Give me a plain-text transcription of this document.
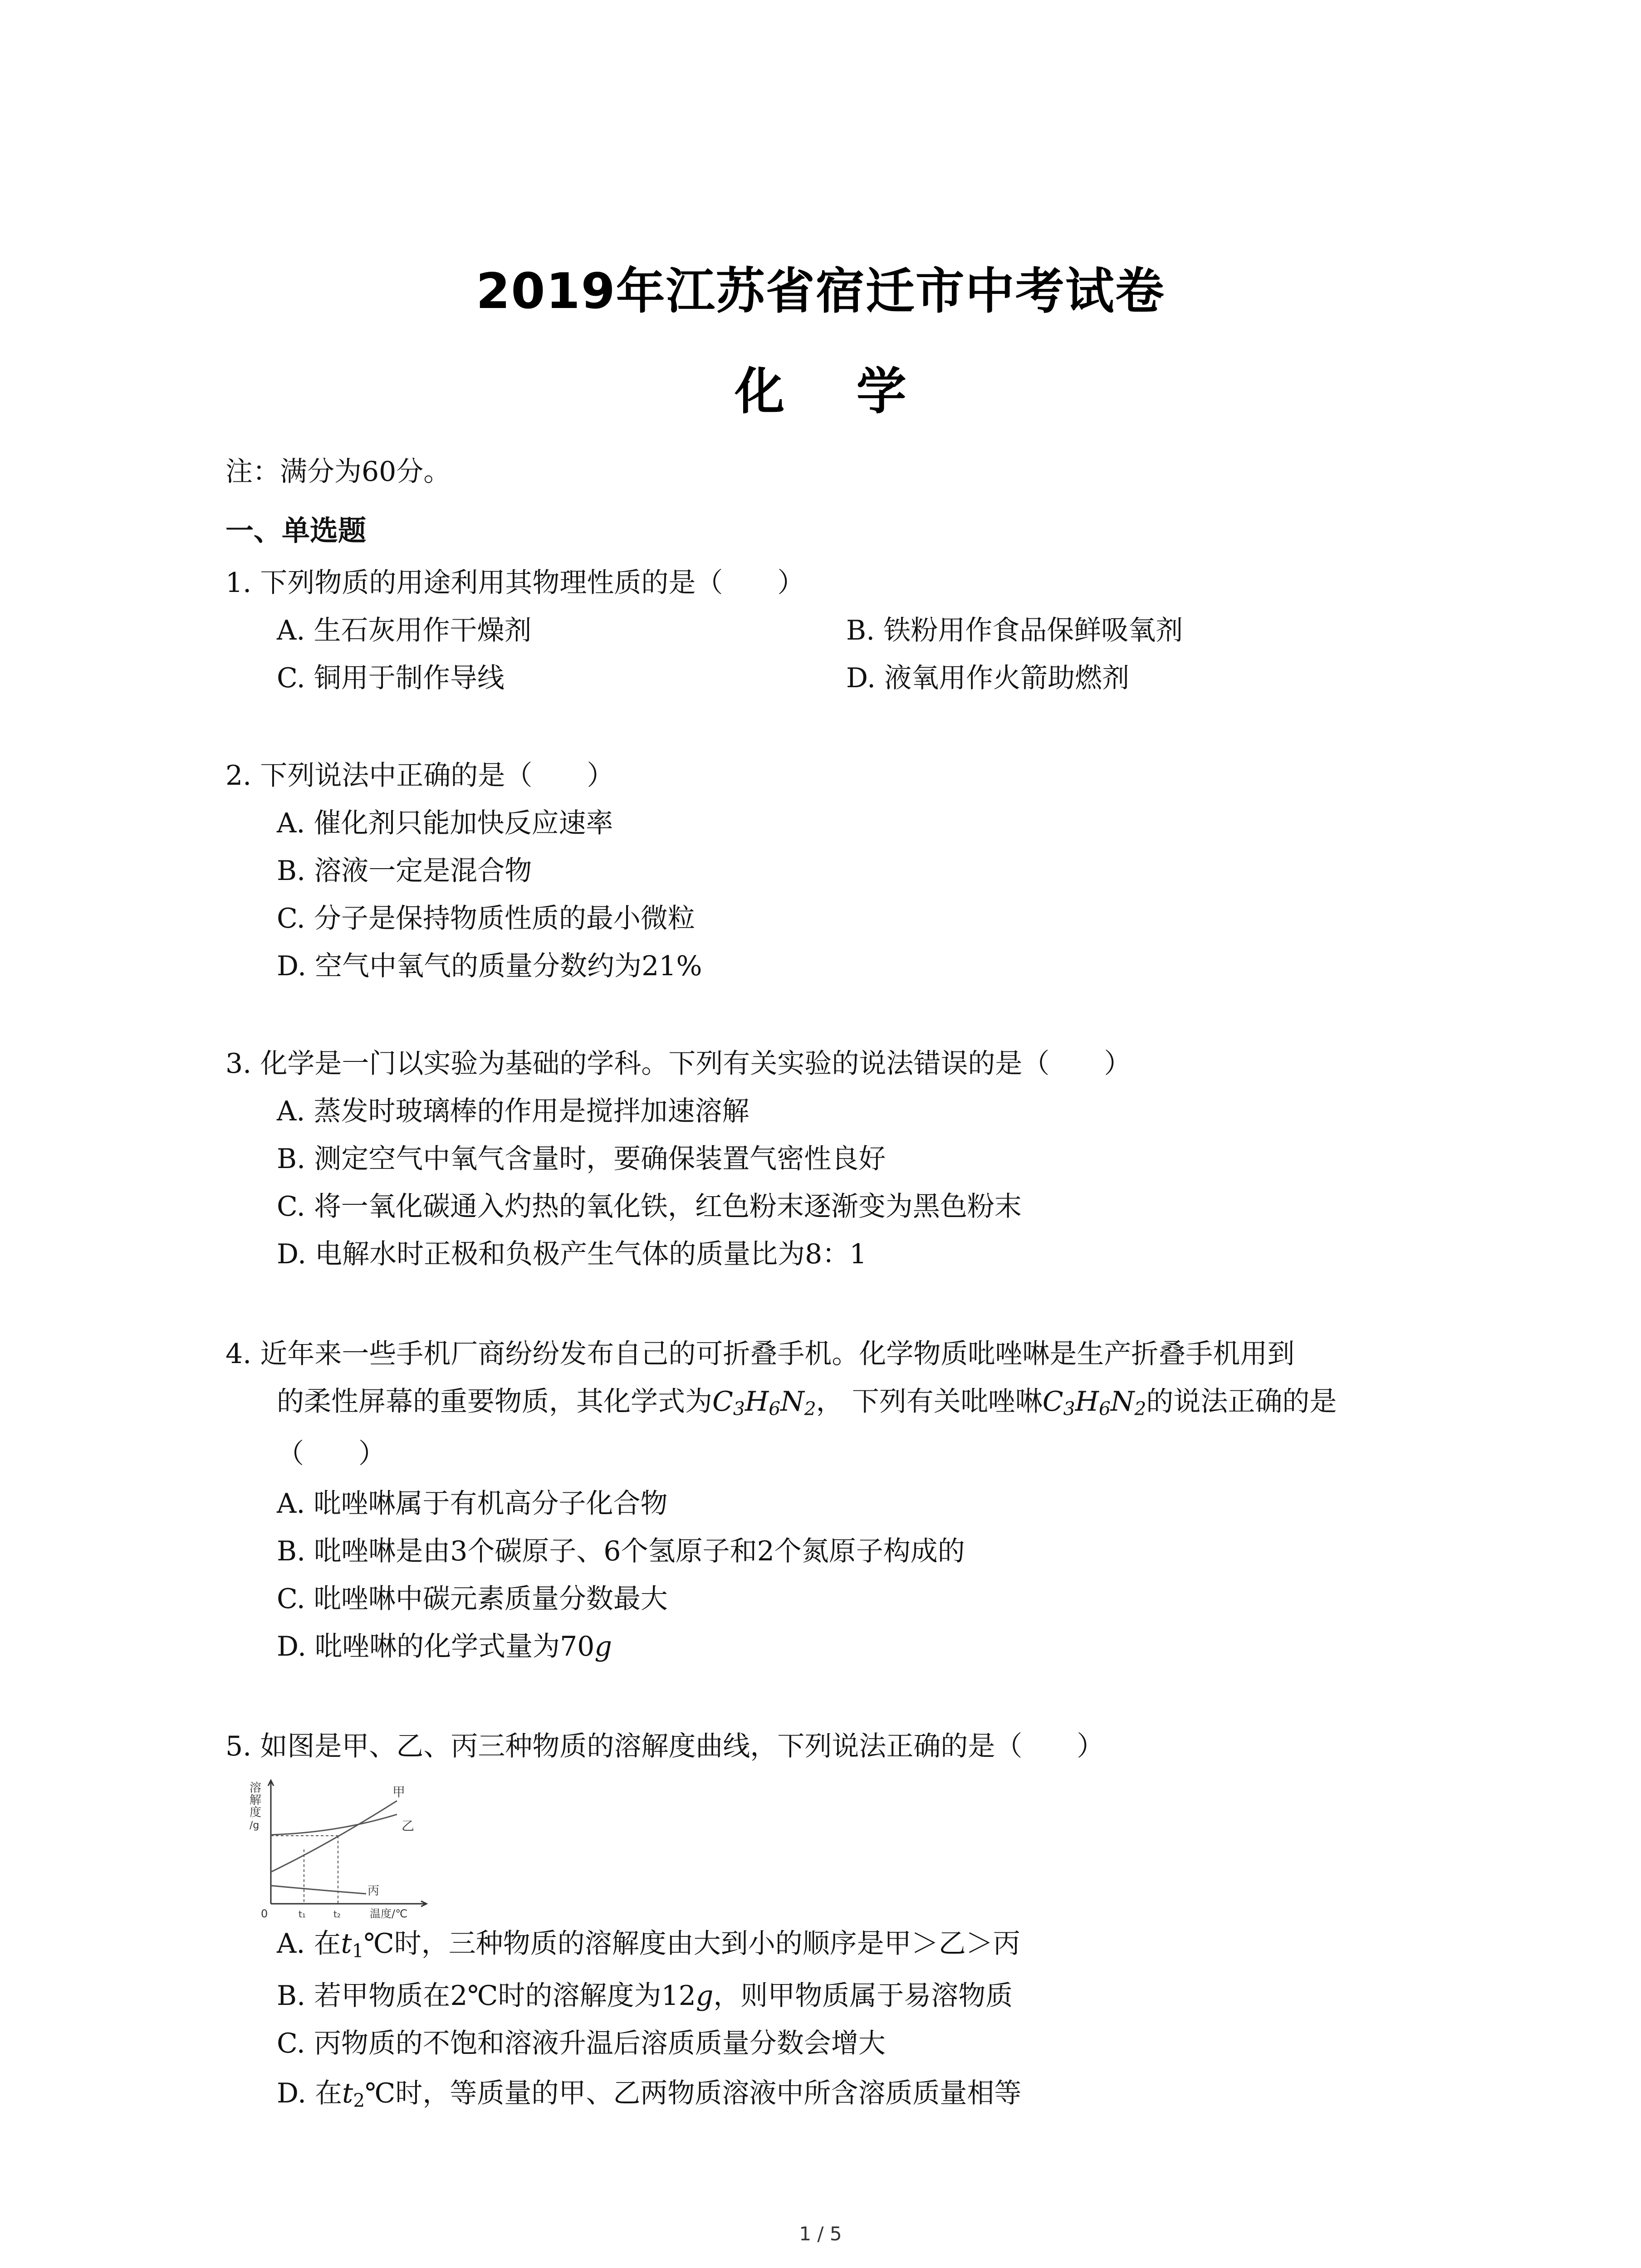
2019年江苏省宿迁市中考试卷
化 学
注：满分为60分。
一、单选题
1. 下列物质的用途利用其物理性质的是（　　）
A. 生石灰用作干燥剂	B. 铁粉用作食品保鲜吸氧剂
C. 铜用于制作导线	D. 液氧用作火箭助燃剂
2. 下列说法中正确的是（　　）
A. 催化剂只能加快反应速率
B. 溶液一定是混合物
C. 分子是保持物质性质的最小微粒
D. 空气中氧气的质量分数约为21%
3. 化学是一门以实验为基础的学科。下列有关实验的说法错误的是（　　）
A. 蒸发时玻璃棒的作用是搅拌加速溶解
B. 测定空气中氧气含量时，要确保装置气密性良好
C. 将一氧化碳通入灼热的氧化铁，红色粉末逐渐变为黑色粉末
D. 电解水时正极和负极产生气体的质量比为8：1
4. 近年来一些手机厂商纷纷发布自己的可折叠手机。化学物质吡唑啉是生产折叠手机用到
的柔性屏幕的重要物质，其化学式为$C_3H_6N_2$， 下列有关吡唑啉$C_3H_6N_2$的说法正确的是
（　　）
A. 吡唑啉属于有机高分子化合物
B. 吡唑啉是由3个碳原子、6个氢原子和2个氮原子构成的
C. 吡唑啉中碳元素质量分数最大
D. 吡唑啉的化学式量为70g
5. 如图是甲、乙、丙三种物质的溶解度曲线，下列说法正确的是（　　）
溶
解
度
/g
0	t₁	t₂	温度/℃
甲
乙
丙
A. 在$t_1℃$时，三种物质的溶解度由大到小的顺序是甲＞乙＞丙
B. 若甲物质在2℃时的溶解度为12g，则甲物质属于易溶物质
C. 丙物质的不饱和溶液升温后溶质质量分数会增大
D. 在$t_2℃$时，等质量的甲、乙两物质溶液中所含溶质质量相等
1 / 5
